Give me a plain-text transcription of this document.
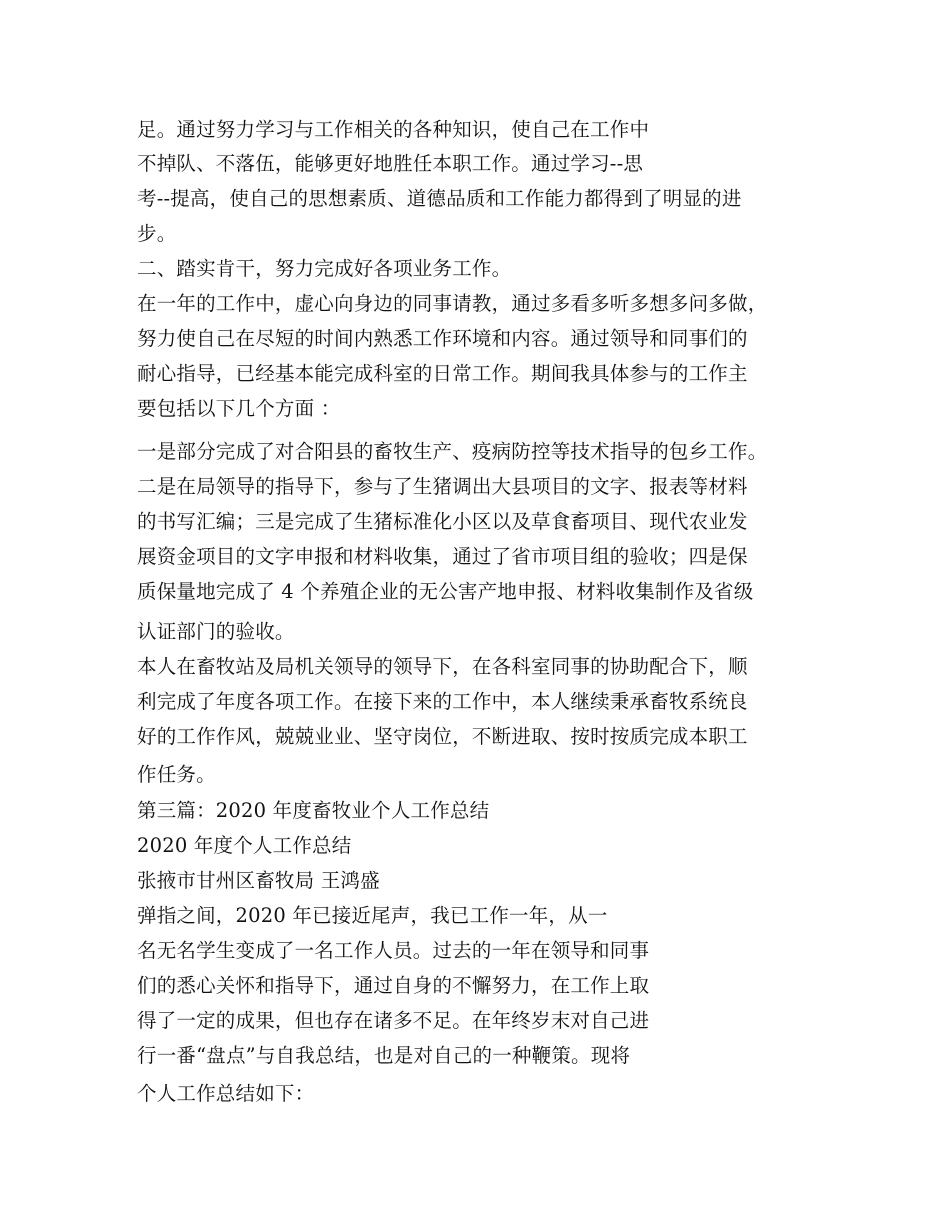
足。通过努力学习与工作相关的各种知识，使自己在工作中
不掉队、不落伍，能够更好地胜任本职工作。通过学习--思
考--提高，使自己的思想素质、道德品质和工作能力都得到了明显的进
步。
二、踏实肯干，努力完成好各项业务工作。
在一年的工作中，虚心向身边的同事请教，通过多看多听多想多问多做，
努力使自己在尽短的时间内熟悉工作环境和内容。通过领导和同事们的
耐心指导，已经基本能完成科室的日常工作。期间我具体参与的工作主
要包括以下几个方面 ：
一是部分完成了对合阳县的畜牧生产、疫病防控等技术指导的包乡工作。
二是在局领导的指导下，参与了生猪调出大县项目的文字、报表等材料
的书写汇编；三是完成了生猪标准化小区以及草食畜项目、现代农业发
展资金项目的文字申报和材料收集，通过了省市项目组的验收；四是保
质保量地完成了 4 个养殖企业的无公害产地申报、材料收集制作及省级
认证部门的验收。
本人在畜牧站及局机关领导的领导下，在各科室同事的协助配合下，顺
利完成了年度各项工作。在接下来的工作中，本人继续秉承畜牧系统良
好的工作作风，兢兢业业、坚守岗位，不断进取、按时按质完成本职工
作任务。
第三篇：2020 年度畜牧业个人工作总结
2020 年度个人工作总结
张掖市甘州区畜牧局 王鸿盛
弹指之间，2020 年已接近尾声，我已工作一年，从一
名无名学生变成了一名工作人员。过去的一年在领导和同事
们的悉心关怀和指导下，通过自身的不懈努力，在工作上取
得了一定的成果，但也存在诸多不足。在年终岁末对自己进
行一番“盘点”与自我总结，也是对自己的一种鞭策。现将
个人工作总结如下：
